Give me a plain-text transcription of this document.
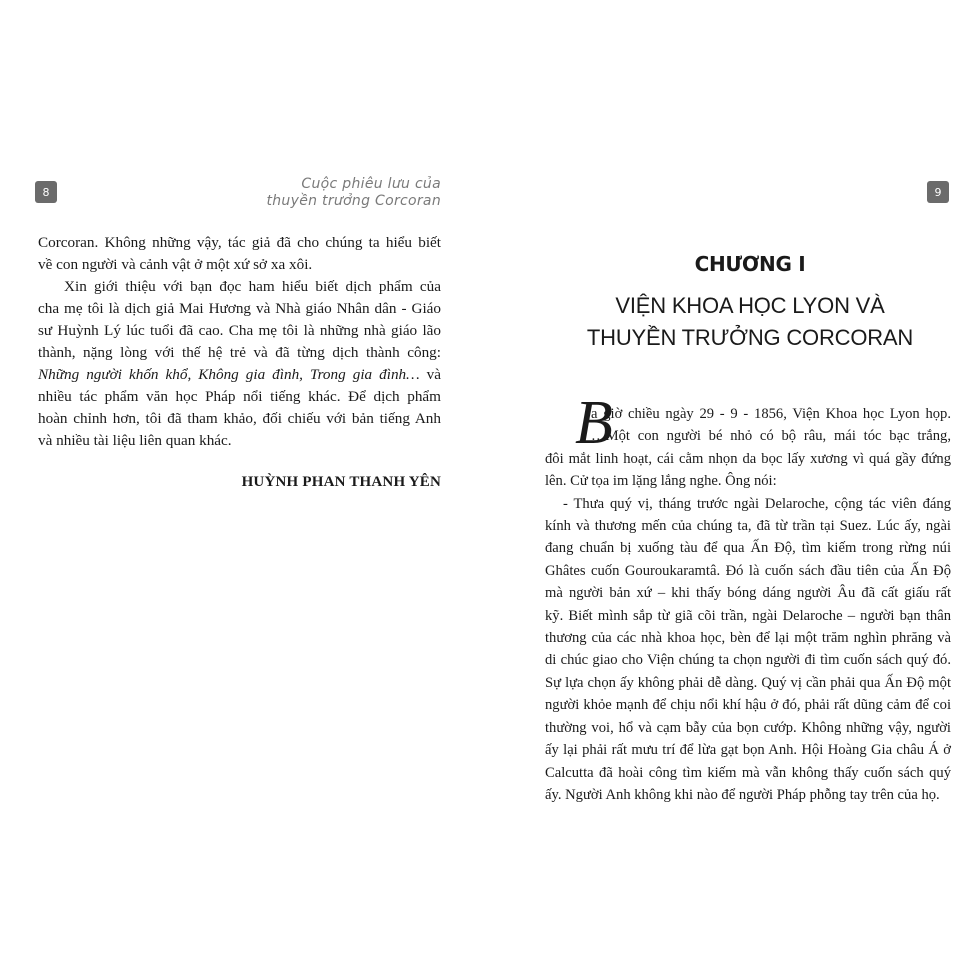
8	Cuộc phiêu lưu của
thuyền trưởng Corcoran

Corcoran. Không những vậy, tác giả đã cho chúng ta hiểu biết
về con người và cảnh vật ở một xứ sở xa xôi.

Xin giới thiệu với bạn đọc ham hiểu biết dịch phẩm của
cha mẹ tôi là dịch giả Mai Hương và Nhà giáo Nhân dân - Giáo
sư Huỳnh Lý lúc tuổi đã cao. Cha mẹ tôi là những nhà giáo lão
thành, nặng lòng với thế hệ trẻ và đã từng dịch thành công:
Những người khốn khổ, Không gia đình, Trong gia đình… và
nhiều tác phẩm văn học Pháp nổi tiếng khác. Để dịch phẩm
hoàn chỉnh hơn, tôi đã tham khảo, đối chiếu với bản tiếng Anh
và nhiều tài liệu liên quan khác.

HUỲNH PHAN THANH YÊN
9
CHƯƠNG I
VIỆN KHOA HỌC LYON VÀ
THUYỀN TRƯỞNG CORCORAN
B
a giờ chiều ngày 29 - 9 - 1856, Viện Khoa học Lyon họp.
…Một con người bé nhỏ có bộ râu, mái tóc bạc trắng,
đôi mắt linh hoạt, cái cằm nhọn da bọc lấy xương vì quá gầy đứng
lên. Cử tọa im lặng lắng nghe. Ông nói:
- Thưa quý vị, tháng trước ngài Delaroche, cộng tác viên đáng
kính và thương mến của chúng ta, đã từ trần tại Suez. Lúc ấy, ngài
đang chuẩn bị xuống tàu để qua Ấn Độ, tìm kiếm trong rừng núi
Ghâtes cuốn Gouroukaramtâ. Đó là cuốn sách đầu tiên của Ấn Độ
mà người bản xứ – khi thấy bóng dáng người Âu đã cất giấu rất
kỹ. Biết mình sắp từ giã cõi trần, ngài Delaroche – người bạn thân
thương của các nhà khoa học, bèn để lại một trăm nghìn phrăng và
di chúc giao cho Viện chúng ta chọn người đi tìm cuốn sách quý đó.
Sự lựa chọn ấy không phải dễ dàng. Quý vị cần phải qua Ấn Độ một
người khỏe mạnh để chịu nổi khí hậu ở đó, phải rất dũng cảm để coi
thường voi, hổ và cạm bẫy của bọn cướp. Không những vậy, người
ấy lại phải rất mưu trí để lừa gạt bọn Anh. Hội Hoàng Gia châu Á ở
Calcutta đã hoài công tìm kiếm mà vẫn không thấy cuốn sách quý
ấy. Người Anh không khi nào để người Pháp phỗng tay trên của họ.
